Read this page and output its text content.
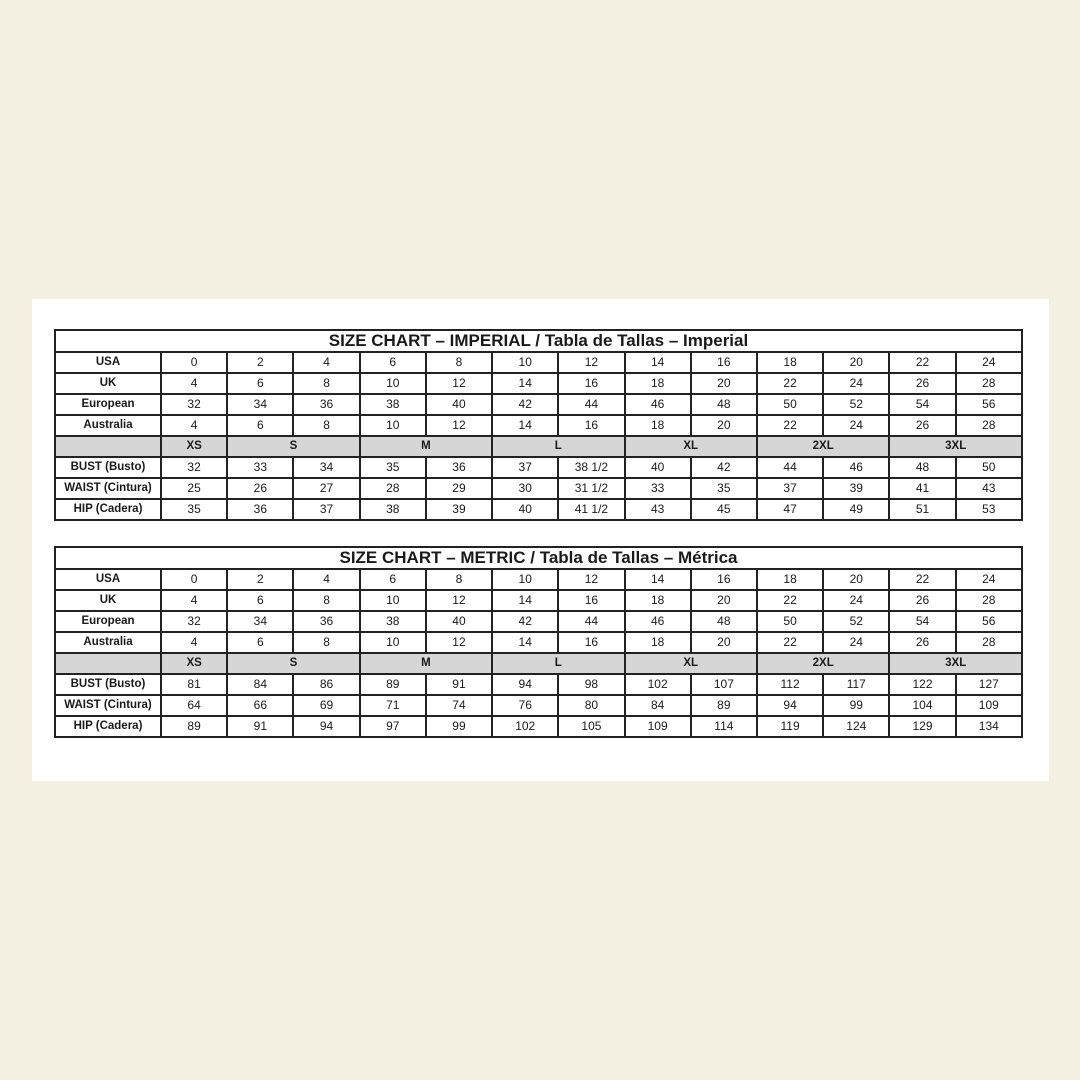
SIZE CHART – IMPERIAL / Tabla de Tallas – Imperial													
USA	0	2	4	6	8	10	12	14	16	18	20	22	24
UK	4	6	8	10	12	14	16	18	20	22	24	26	28
European	32	34	36	38	40	42	44	46	48	50	52	54	56
Australia	4	6	8	10	12	14	16	18	20	22	24	26	28
	XS	S		M		L		XL		2XL		3XL	
BUST (Busto)	32	33	34	35	36	37	38 1/2	40	42	44	46	48	50
WAIST (Cintura)	25	26	27	28	29	30	31 1/2	33	35	37	39	41	43
HIP (Cadera)	35	36	37	38	39	40	41 1/2	43	45	47	49	51	53
SIZE CHART – METRIC / Tabla de Tallas – Métrica													
USA	0	2	4	6	8	10	12	14	16	18	20	22	24
UK	4	6	8	10	12	14	16	18	20	22	24	26	28
European	32	34	36	38	40	42	44	46	48	50	52	54	56
Australia	4	6	8	10	12	14	16	18	20	22	24	26	28
	XS	S		M		L		XL		2XL		3XL	
BUST (Busto)	81	84	86	89	91	94	98	102	107	112	117	122	127
WAIST (Cintura)	64	66	69	71	74	76	80	84	89	94	99	104	109
HIP (Cadera)	89	91	94	97	99	102	105	109	114	119	124	129	134
